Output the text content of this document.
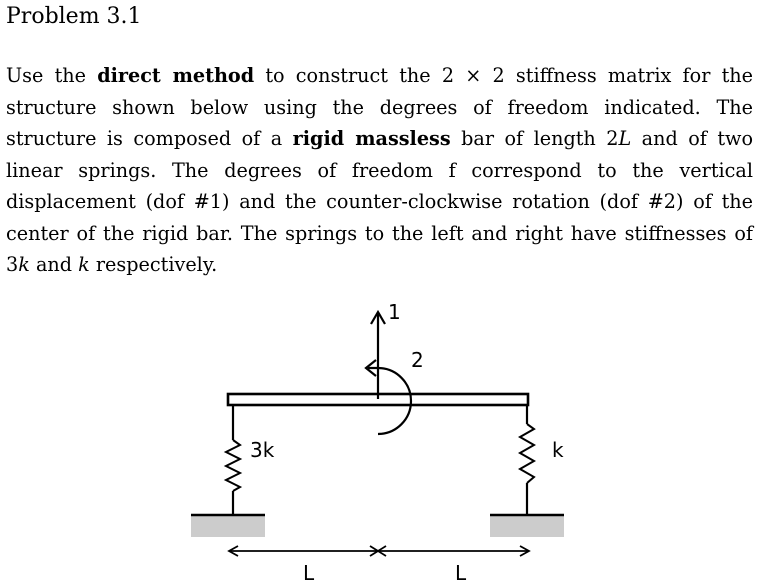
Problem 3.1

Use the direct method to construct the 2 × 2 stiffness matrix for the structure shown below using the degrees of freedom indicated. The structure is composed of a rigid massless bar of length 2L and of two linear springs. The degrees of freedom f correspond to the vertical displacement (dof #1) and the counter-clockwise rotation (dof #2) of the center of the rigid bar. The springs to the left and right have stiffnesses of 3k and k respectively.

1
2
3k	k
L	L
